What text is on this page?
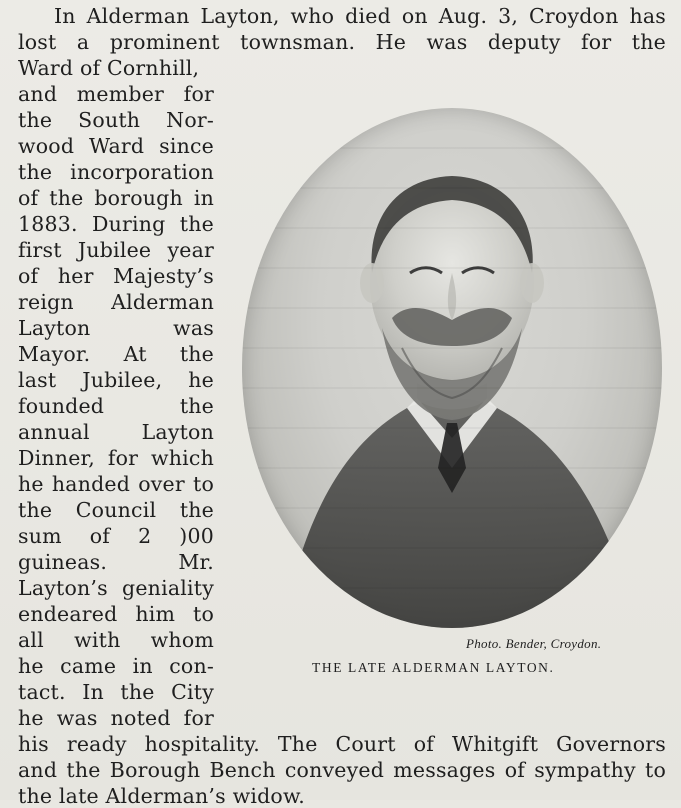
In Alderman Layton, who died on Aug. 3, Croydon has
lost a prominent townsman. He was deputy for the
Ward of Cornhill,
and member for
the South Nor-
wood Ward since
the incorporation
of the borough in
1883. During the
first Jubilee year
of her Majesty’s
reign Alderman
Layton was
Mayor. At the
last Jubilee, he
founded the
annual Layton
Dinner, for which
he handed over to
the Council the
sum of 2 )00
guineas. Mr.
Layton’s geniality
endeared him to
all with whom
he came in con-
tact. In the City
he was noted for
his ready hospitality. The Court of Whitgift Governors
and the Borough Bench conveyed messages of sympathy to
the late Alderman’s widow.
Photo. Bender, Croydon.
THE LATE ALDERMAN LAYTON.
